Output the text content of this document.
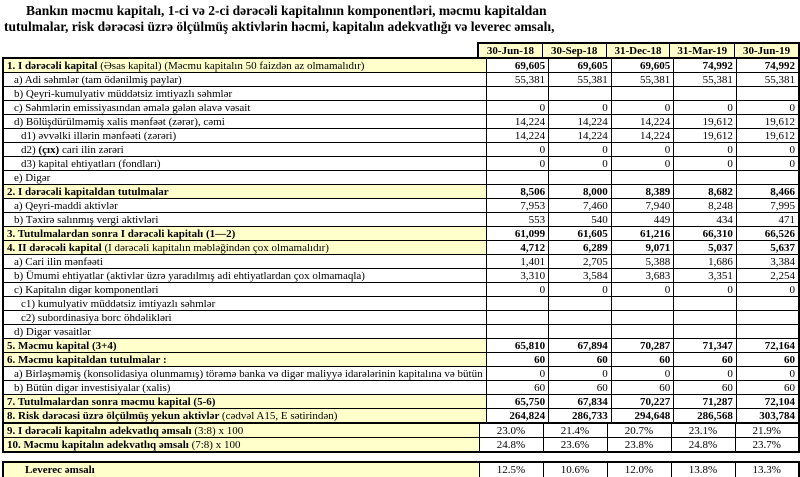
Bankın məcmu kapitalı, 1-ci və 2-ci dərəcəli kapitalının komponentləri, məcmu kapitaldan
tutulmalar, risk dərəcəsi üzrə ölçülmüş aktivlərin həcmi, kapitalın adekvatlığı və leverec əmsalı,
30-Jun-18	30-Sep-18	31-Dec-18	31-Mar-19	30-Jun-19
1. I dərəcəli kapital (Əsas kapital) (Məcmu kapitalın 50 faizdən az olmamalıdır)	69,605	69,605	69,605	74,992	74,992
a) Adi səhmlər (tam ödənilmiş paylar)	55,381	55,381	55,381	55,381	55,381
b) Qeyri-kumulyativ müddətsiz imtiyazlı səhmlər					
c) Səhmlərin emissiyasından əmələ gələn əlavə vəsait	0	0	0	0	0
d) Bölüşdürülməmiş xalis mənfəət (zərər), cəmi	14,224	14,224	14,224	19,612	19,612
d1) əvvəlki illərin mənfəəti (zərəri)	14,224	14,224	14,224	19,612	19,612
d2) (çıx) cari ilin zərəri	0	0	0	0	0
d3) kapital ehtiyatları (fondları)	0	0	0	0	0
e) Digər					
2. I dərəcəli kapitaldan tutulmalar	8,506	8,000	8,389	8,682	8,466
a) Qeyri-maddi aktivlər	7,953	7,460	7,940	8,248	7,995
b) Təxirə salınmış vergi aktivləri	553	540	449	434	471
3. Tutulmalardan sonra I dərəcəli kapitalı (1—2)	61,099	61,605	61,216	66,310	66,526
4. II dərəcəli kapital (I dərəcəli kapitalın məbləğindən çox olmamalıdır)	4,712	6,289	9,071	5,037	5,637
a) Cari ilin mənfəəti	1,401	2,705	5,388	1,686	3,384
b) Ümumi ehtiyatlar (aktivlər üzrə yaradılmış adi ehtiyatlardan çox olmamaqla)	3,310	3,584	3,683	3,351	2,254
c) Kapitalın digər komponentləri	0	0	0	0	0
c1) kumulyativ müddətsiz imtiyazlı səhmlər					
c2) subordinasiya borc öhdəlikləri					
d) Digər vəsaitlər					
5. Məcmu kapital (3+4)	65,810	67,894	70,287	71,347	72,164
6. Məcmu kapitaldan tutulmalar :	60	60	60	60	60
a) Birləşməmiş (konsolidasiya olunmamış) törəmə banka və digər maliyyə idarələrinin kapitalına və bütün	0	0	0	0	0
b) Bütün digər investisiyalar (xalis)	60	60	60	60	60
7. Tutulmalardan sonra məcmu kapital (5-6)	65,750	67,834	70,227	71,287	72,104
8. Risk dərəcəsi üzrə ölçülmüş yekun aktivlər (cədvəl A15, E sətirindən)	264,824	286,733	294,648	286,568	303,784
9. I dərəcəli kapitalın adekvatlıq əmsalı (3:8) x 100	23.0%	21.4%	20.7%	23.1%	21.9%
10. Məcmu kapitalın adekvatlıq əmsalı (7:8) x 100	24.8%	23.6%	23.8%	24.8%	23.7%
Leverec əmsalı	12.5%	10.6%	12.0%	13.8%	13.3%
